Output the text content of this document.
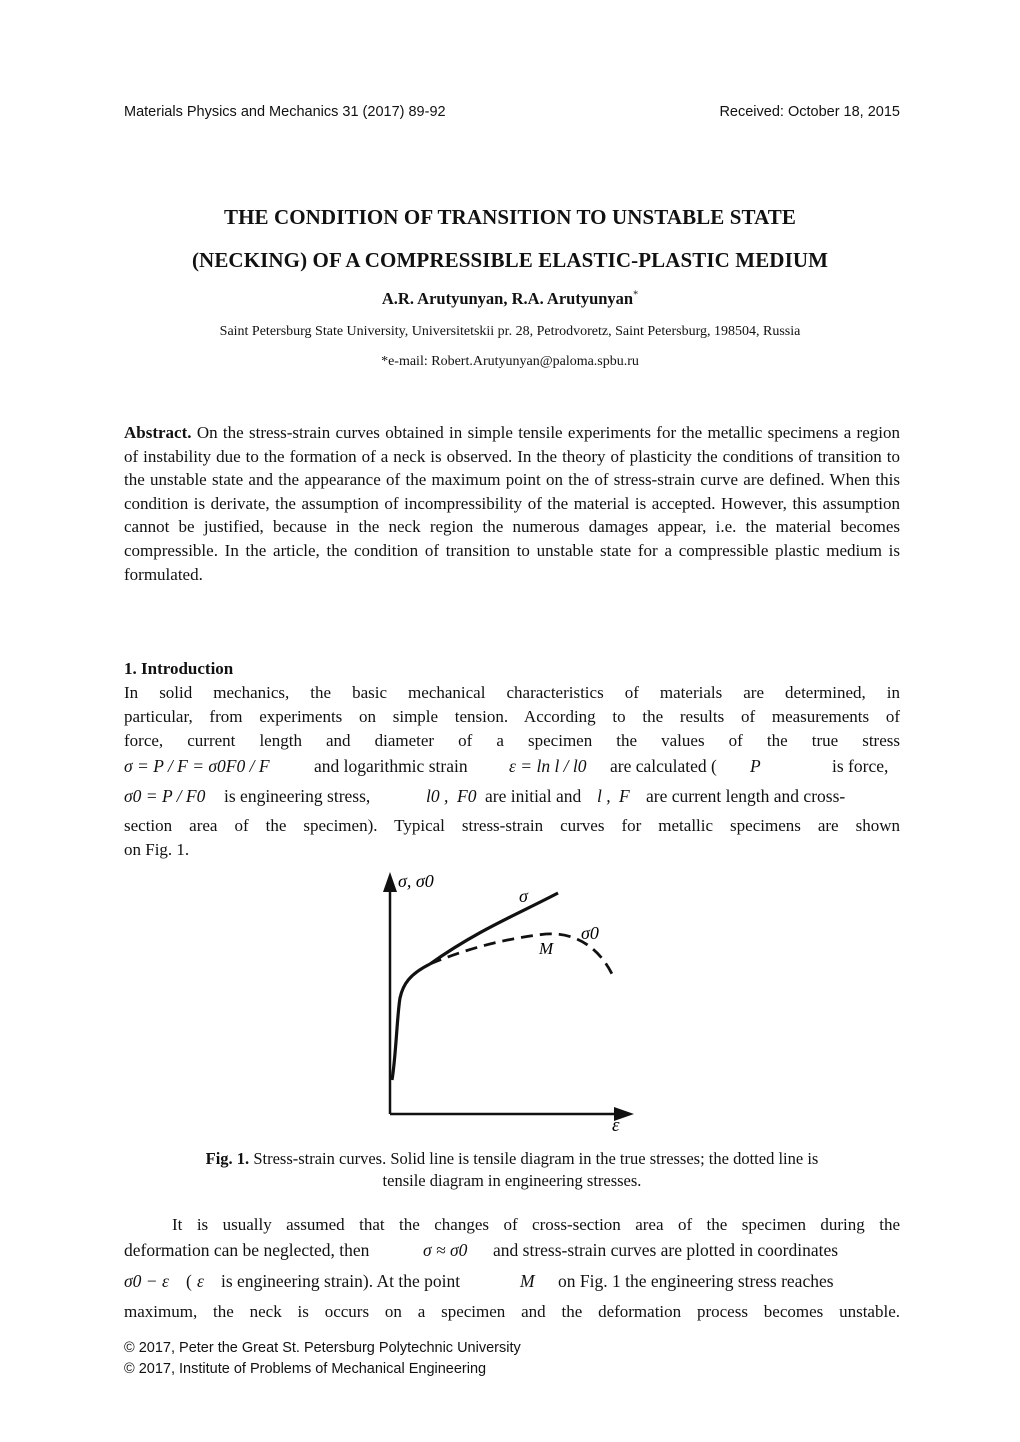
Materials Physics and Mechanics 31 (2017) 89-92	Received: October 18, 2015
THE CONDITION OF TRANSITION TO UNSTABLE STATE
(NECKING) OF A COMPRESSIBLE ELASTIC-PLASTIC MEDIUM
A.R. Arutyunyan, R.A. Arutyunyan*
Saint Petersburg State University, Universitetskii pr. 28, Petrodvoretz, Saint Petersburg, 198504, Russia
*e-mail: Robert.Arutyunyan@paloma.spbu.ru
Abstract. On the stress-strain curves obtained in simple tensile experiments for the metallic specimens a region of instability due to the formation of a neck is observed. In the theory of plasticity the conditions of transition to the unstable state and the appearance of the maximum point on the of stress-strain curve are defined. When this condition is derivate, the assumption of incompressibility of the material is accepted. However, this assumption cannot be justified, because in the neck region the numerous damages appear, i.e. the material becomes compressible. In the article, the condition of transition to unstable state for a compressible plastic medium is formulated.
1. Introduction
In solid mechanics, the basic mechanical characteristics of materials are determined, in
particular, from experiments on simple tension. According to the results of measurements of
force, current length and diameter of a specimen the values of the true stress
σ = P / F = σ0F0 / F	and logarithmic strain ε = ln l / l0 are calculated ( P	is force,
σ0 = P / F0 is engineering stress,	l0 , F0 are initial and l , F are current length and cross-
section area of the specimen). Typical stress-strain curves for metallic specimens are shown
on Fig. 1.
σ, σ0
σ
σ0
M
ε
Fig. 1. Stress-strain curves. Solid line is tensile diagram in the true stresses; the dotted line is
tensile diagram in engineering stresses.
It is usually assumed that the changes of cross-section area of the specimen during the
deformation can be neglected, then	σ ≈ σ0 and stress-strain curves are plotted in coordinates
σ0 − ε ( ε is engineering strain). At the point	M on Fig. 1 the engineering stress reaches
maximum, the neck is occurs on a specimen and the deformation process becomes unstable.
© 2017, Peter the Great St. Petersburg Polytechnic University
© 2017, Institute of Problems of Mechanical Engineering
